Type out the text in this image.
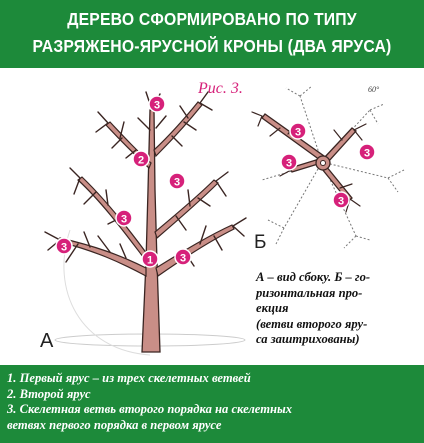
ДЕРЕВО СФОРМИРОВАНО ПО ТИПУ
РАЗРЯЖЕНО-ЯРУСНОЙ КРОНЫ (ДВА ЯРУСА)
3
2
3
3
3
1 3
3
3
3
3
Рис. 3.	60°
А
Б
А – вид сбоку. Б – го-
ризонтальная про-
екция
(ветви второго яру-
са заштрихованы)
1. Первый ярус – из трех скелетных ветвей
2. Второй ярус
3. Скелетная ветвь второго порядка на скелетных
ветвях первого порядка в первом ярусе
